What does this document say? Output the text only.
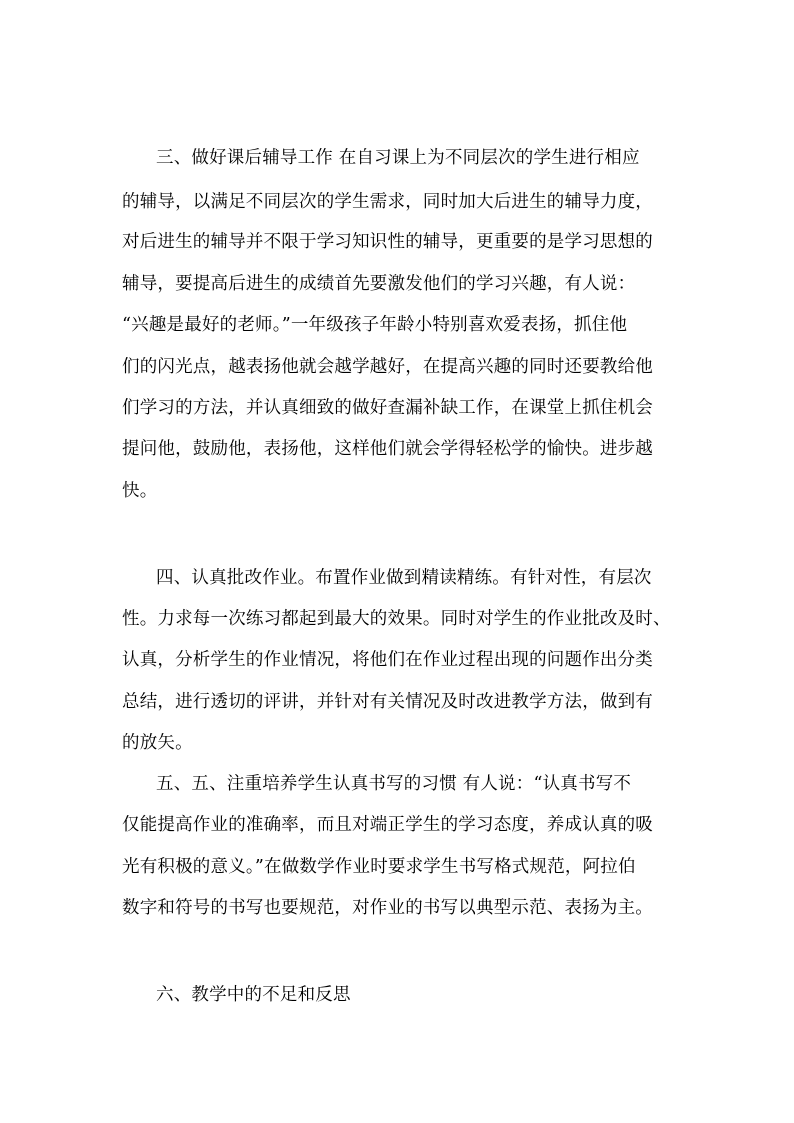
三、做好课后辅导工作 在自习课上为不同层次的学生进行相应
的辅导，以满足不同层次的学生需求，同时加大后进生的辅导力度，
对后进生的辅导并不限于学习知识性的辅导，更重要的是学习思想的
辅导，要提高后进生的成绩首先要激发他们的学习兴趣，有人说：
“兴趣是最好的老师。”一年级孩子年龄小特别喜欢爱表扬，抓住他
们的闪光点，越表扬他就会越学越好，在提高兴趣的同时还要教给他
们学习的方法，并认真细致的做好查漏补缺工作，在课堂上抓住机会
提问他，鼓励他，表扬他，这样他们就会学得轻松学的愉快。进步越
快。
四、认真批改作业。布置作业做到精读精练。有针对性，有层次
性。力求每一次练习都起到最大的效果。同时对学生的作业批改及时、
认真，分析学生的作业情况，将他们在作业过程出现的问题作出分类
总结，进行透切的评讲，并针对有关情况及时改进教学方法，做到有
的放矢。
五、五、注重培养学生认真书写的习惯 有人说：“认真书写不
仅能提高作业的准确率，而且对端正学生的学习态度，养成认真的吸
光有积极的意义。”在做数学作业时要求学生书写格式规范，阿拉伯
数字和符号的书写也要规范，对作业的书写以典型示范、表扬为主。
六、教学中的不足和反思
